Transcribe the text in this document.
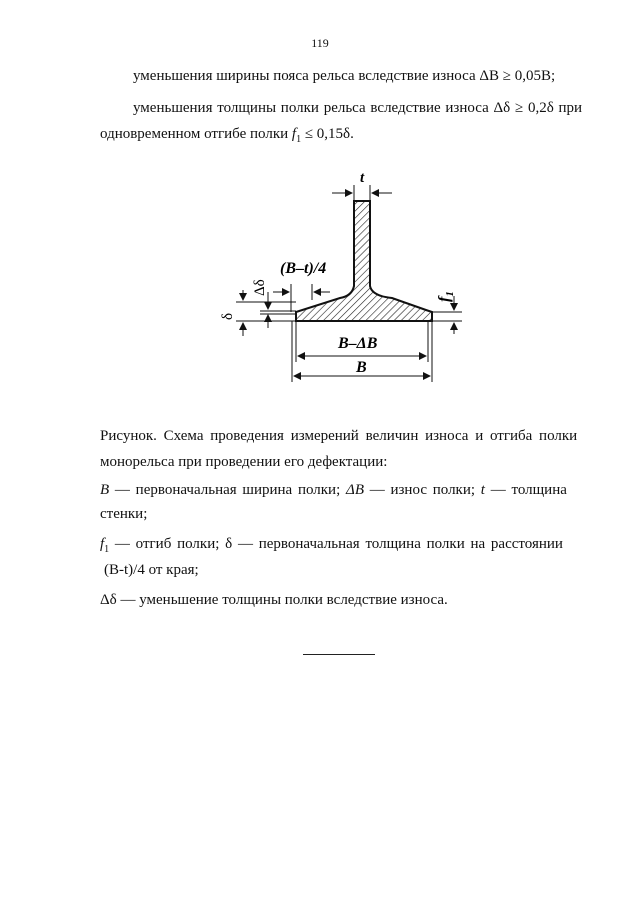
119
уменьшения ширины пояса рельса вследствие износа ΔB ≥ 0,05B;
уменьшения толщины полки рельса вследствие износа Δδ ≥ 0,2δ при
одновременном отгибе полки $f_1 \le 0,15\delta$.
t
(B–t)/4
Δδ
δ
$f_1$
B–ΔB
B
Рисунок. Схема проведения измерений величин износа и отгиба полки
монорельса при проведении его дефектации:
B — первоначальная ширина полки; ΔB — износ полки; t — толщина
стенки;
$f_1$ — отгиб полки; δ — первоначальная толщина полки на расстоянии
(B-t)/4 от края;
Δδ — уменьшение толщины полки вследствие износа.
